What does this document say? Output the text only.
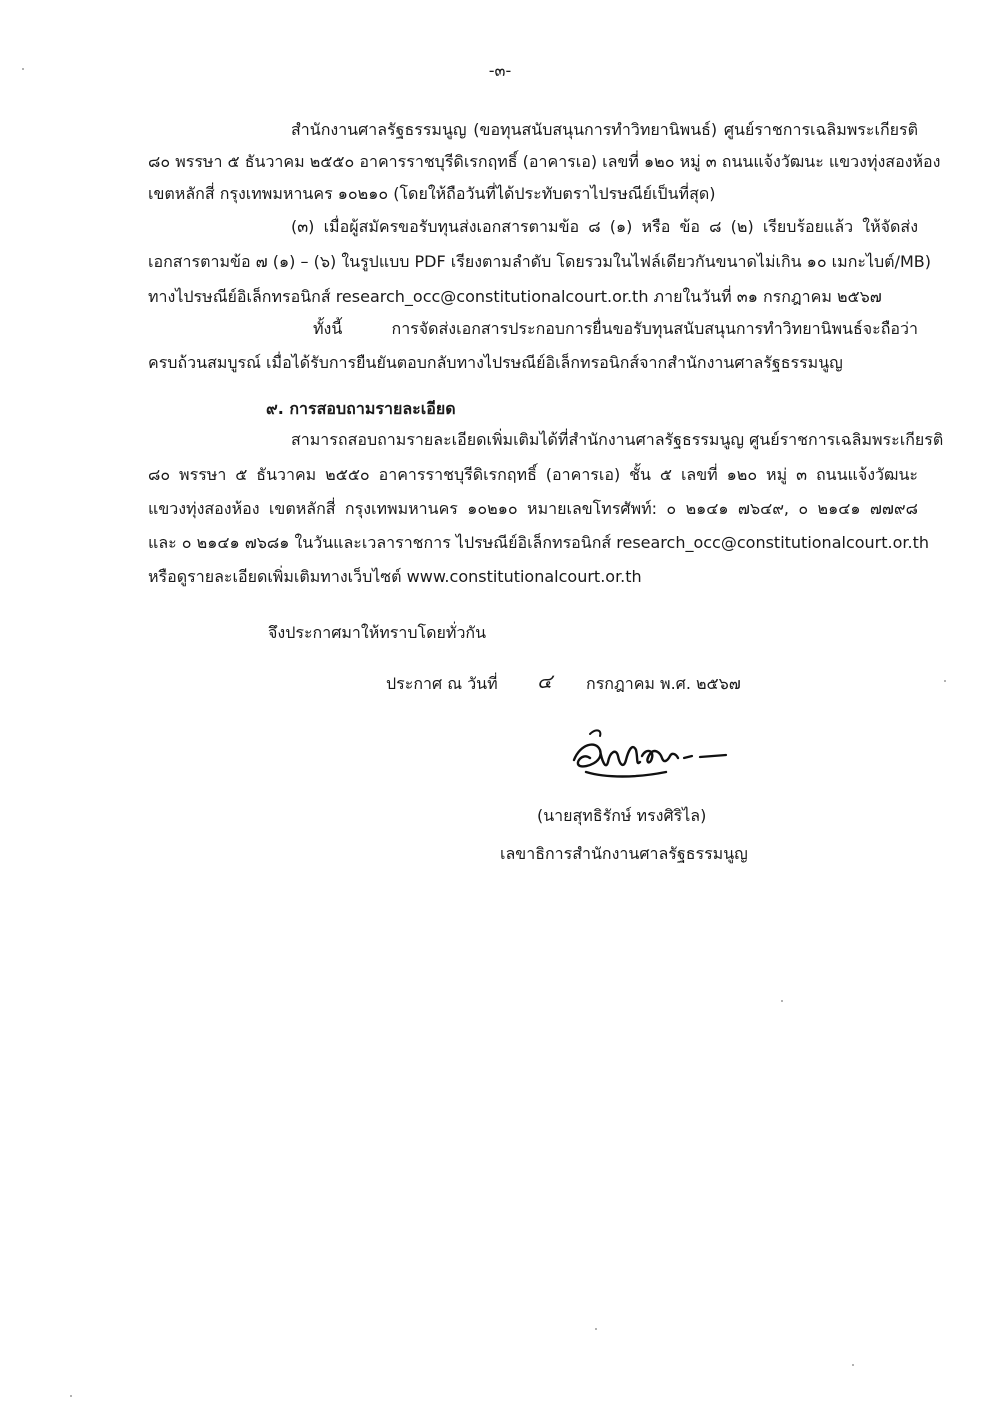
-๓-
สำนักงานศาลรัฐธรรมนูญ (ขอทุนสนับสนุนการทำวิทยานิพนธ์) ศูนย์ราชการเฉลิมพระเกียรติ
๘๐ พรรษา ๕ ธันวาคม ๒๕๕๐ อาคารราชบุรีดิเรกฤทธิ์ (อาคารเอ) เลขที่ ๑๒๐ หมู่ ๓ ถนนแจ้งวัฒนะ แขวงทุ่งสองห้อง
เขตหลักสี่ กรุงเทพมหานคร ๑๐๒๑๐ (โดยให้ถือวันที่ได้ประทับตราไปรษณีย์เป็นที่สุด)
(๓) เมื่อผู้สมัครขอรับทุนส่งเอกสารตามข้อ ๘ (๑) หรือ ข้อ ๘ (๒) เรียบร้อยแล้ว ให้จัดส่ง
เอกสารตามข้อ ๗ (๑) – (๖) ในรูปแบบ PDF เรียงตามลำดับ โดยรวมในไฟล์เดียวกันขนาดไม่เกิน ๑๐ เมกะไบต์/MB)
ทางไปรษณีย์อิเล็กทรอนิกส์ research_occ@constitutionalcourt.or.th ภายในวันที่ ๓๑ กรกฎาคม ๒๕๖๗
ทั้งนี้ การจัดส่งเอกสารประกอบการยื่นขอรับทุนสนับสนุนการทำวิทยานิพนธ์จะถือว่า
ครบถ้วนสมบูรณ์ เมื่อได้รับการยืนยันตอบกลับทางไปรษณีย์อิเล็กทรอนิกส์จากสำนักงานศาลรัฐธรรมนูญ
๙. การสอบถามรายละเอียด
สามารถสอบถามรายละเอียดเพิ่มเติมได้ที่สำนักงานศาลรัฐธรรมนูญ ศูนย์ราชการเฉลิมพระเกียรติ
๘๐ พรรษา ๕ ธันวาคม ๒๕๕๐ อาคารราชบุรีดิเรกฤทธิ์ (อาคารเอ) ชั้น ๕ เลขที่ ๑๒๐ หมู่ ๓ ถนนแจ้งวัฒนะ
แขวงทุ่งสองห้อง เขตหลักสี่ กรุงเทพมหานคร ๑๐๒๑๐ หมายเลขโทรศัพท์: ๐ ๒๑๔๑ ๗๖๔๙, ๐ ๒๑๔๑ ๗๗๙๘
และ ๐ ๒๑๔๑ ๗๖๘๑ ในวันและเวลาราชการ ไปรษณีย์อิเล็กทรอนิกส์ research_occ@constitutionalcourt.or.th
หรือดูรายละเอียดเพิ่มเติมทางเว็บไซต์ www.constitutionalcourt.or.th
จึงประกาศมาให้ทราบโดยทั่วกัน
ประกาศ ณ วันที่ ๔ กรกฎาคม พ.ศ. ๒๕๖๗
(นายสุทธิรักษ์ ทรงศิริไล)
เลขาธิการสำนักงานศาลรัฐธรรมนูญ
